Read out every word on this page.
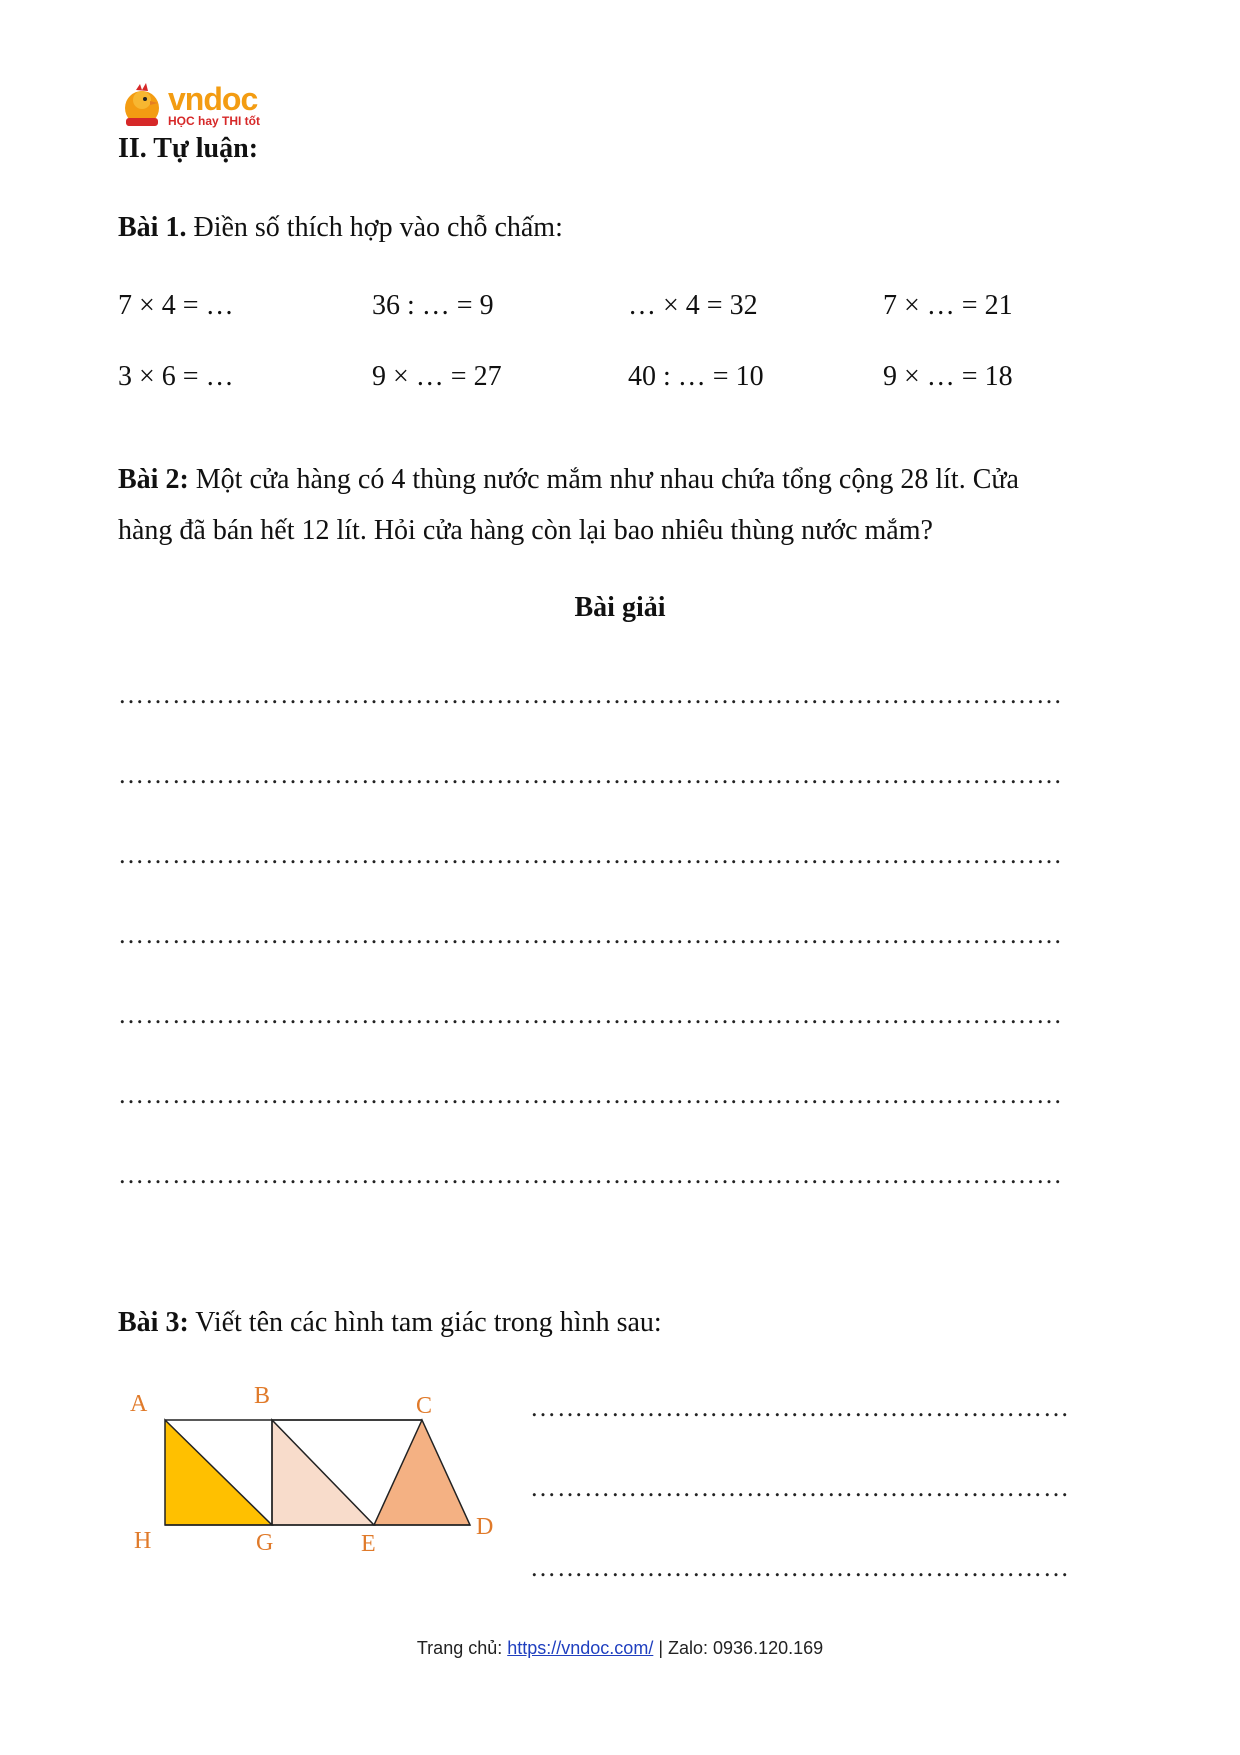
vndoc
HỌC hay THI tốt
II. Tự luận:
Bài 1. Điền số thích hợp vào chỗ chấm:
7 × 4 = …	36 : … = 9	… × 4 = 32	7 × … = 21
3 × 6 = …	9 × … = 27	40 : … = 10	9 × … = 18
Bài 2: Một cửa hàng có 4 thùng nước mắm như nhau chứa tổng cộng 28 lít. Cửa
hàng đã bán hết 12 lít. Hỏi cửa hàng còn lại bao nhiêu thùng nước mắm?
Bài giải
……………………………………………………………………………………………
……………………………………………………………………………………………
……………………………………………………………………………………………
……………………………………………………………………………………………
……………………………………………………………………………………………
……………………………………………………………………………………………
……………………………………………………………………………………………
Bài 3: Viết tên các hình tam giác trong hình sau:
A	B	C
D
E
G
H
……………………………………………………
……………………………………………………
……………………………………………………
Trang chủ: https://vndoc.com/ | Zalo: 0936.120.169
